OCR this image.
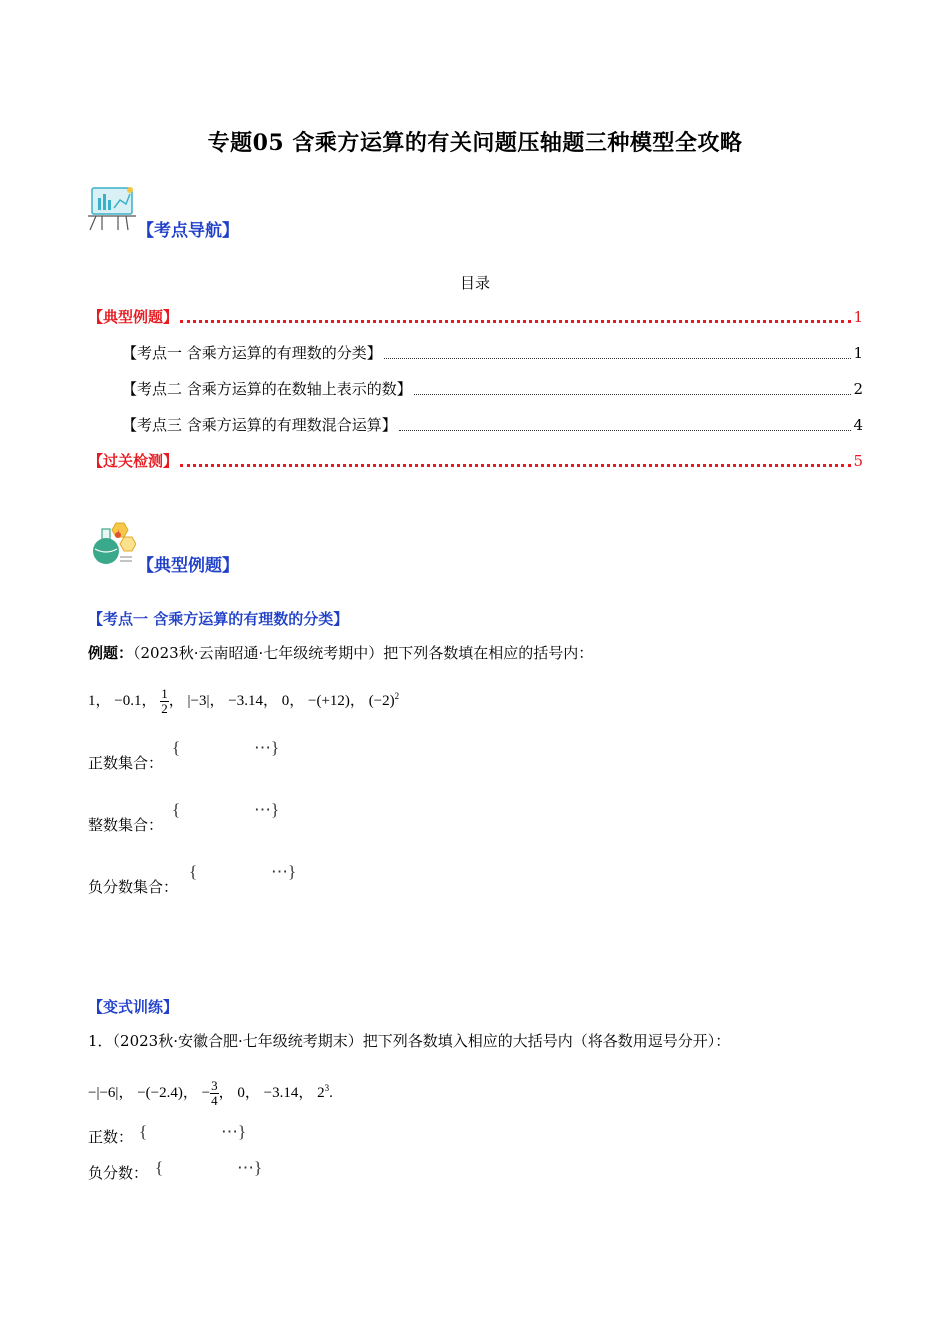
专题05 含乘方运算的有关问题压轴题三种模型全攻略
【考点导航】
目录
【典型例题】	1
【考点一 含乘方运算的有理数的分类】	1
【考点二 含乘方运算的在数轴上表示的数】	2
【考点三 含乘方运算的有理数混合运算】	4
【过关检测】	5
【典型例题】
【考点一 含乘方运算的有理数的分类】
例题：（2023秋·云南昭通·七年级统考期中）把下列各数填在相应的括号内：
1， −0.1， $\frac{1}{2}$ ， |−3|， −3.14， 0， −(+12)， $(-2)^2$
正数集合：
{	⋯}
整数集合：
{	⋯}
负分数集合：
{	⋯}
【变式训练】
1．（2023秋·安徽合肥·七年级统考期末）把下列各数填入相应的大括号内（将各数用逗号分开）：
−|−6|， −(−2.4)， − $\frac{3}{4}$ ， 0， −3.14， $2^3$.
正数： {	⋯}
负分数： {	⋯}
